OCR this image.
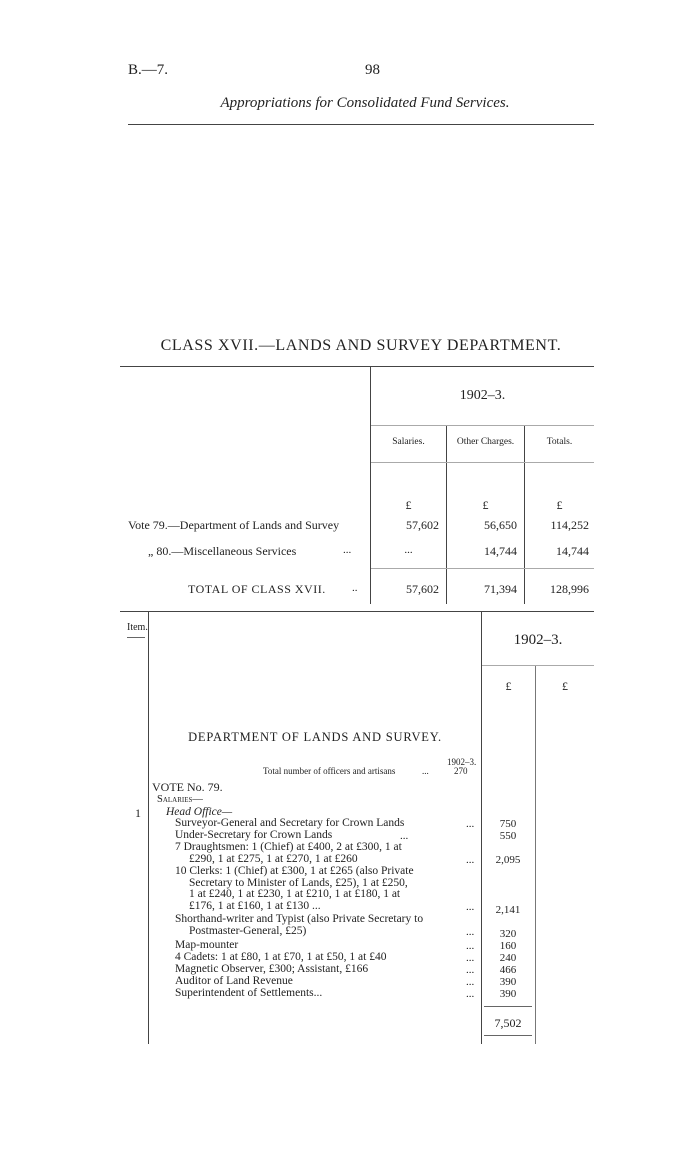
B.—7.	98
Appropriations for Consolidated Fund Services.
CLASS XVII.—LANDS AND SURVEY DEPARTMENT.
1902–3.
Salaries.	Other Charges.	Totals.
£	£	£
Vote 79.—Department of Lands and Survey	57,602	56,650	114,252
„ 80.—Miscellaneous Services	...	...	14,744	14,744
TOTAL OF CLASS XVII. ..	57,602	71,394	128,996
Item.
1902–3.
£	£
DEPARTMENT OF LANDS AND SURVEY.
1902–3.
Total number of officers and artisans	...	270
VOTE No. 79.
Salaries—
1 Head Office—
Surveyor-General and Secretary for Crown Lands	...	750
Under-Secretary for Crown Lands	...	550
7 Draughtsmen: 1 (Chief) at £400, 2 at £300, 1 at
£290, 1 at £275, 1 at £270, 1 at £260	...	2,095
10 Clerks: 1 (Chief) at £300, 1 at £265 (also Private
Secretary to Minister of Lands, £25), 1 at £250,
1 at £240, 1 at £230, 1 at £210, 1 at £180, 1 at
£176, 1 at £160, 1 at £130 ...	...	2,141
Shorthand-writer and Typist (also Private Secretary to
Postmaster-General, £25)	...	320
Map-mounter	...	160
4 Cadets: 1 at £80, 1 at £70, 1 at £50, 1 at £40	...	240
Magnetic Observer, £300; Assistant, £166	...	466
Auditor of Land Revenue	...	390
Superintendent of Settlements...	...	390
7,502
